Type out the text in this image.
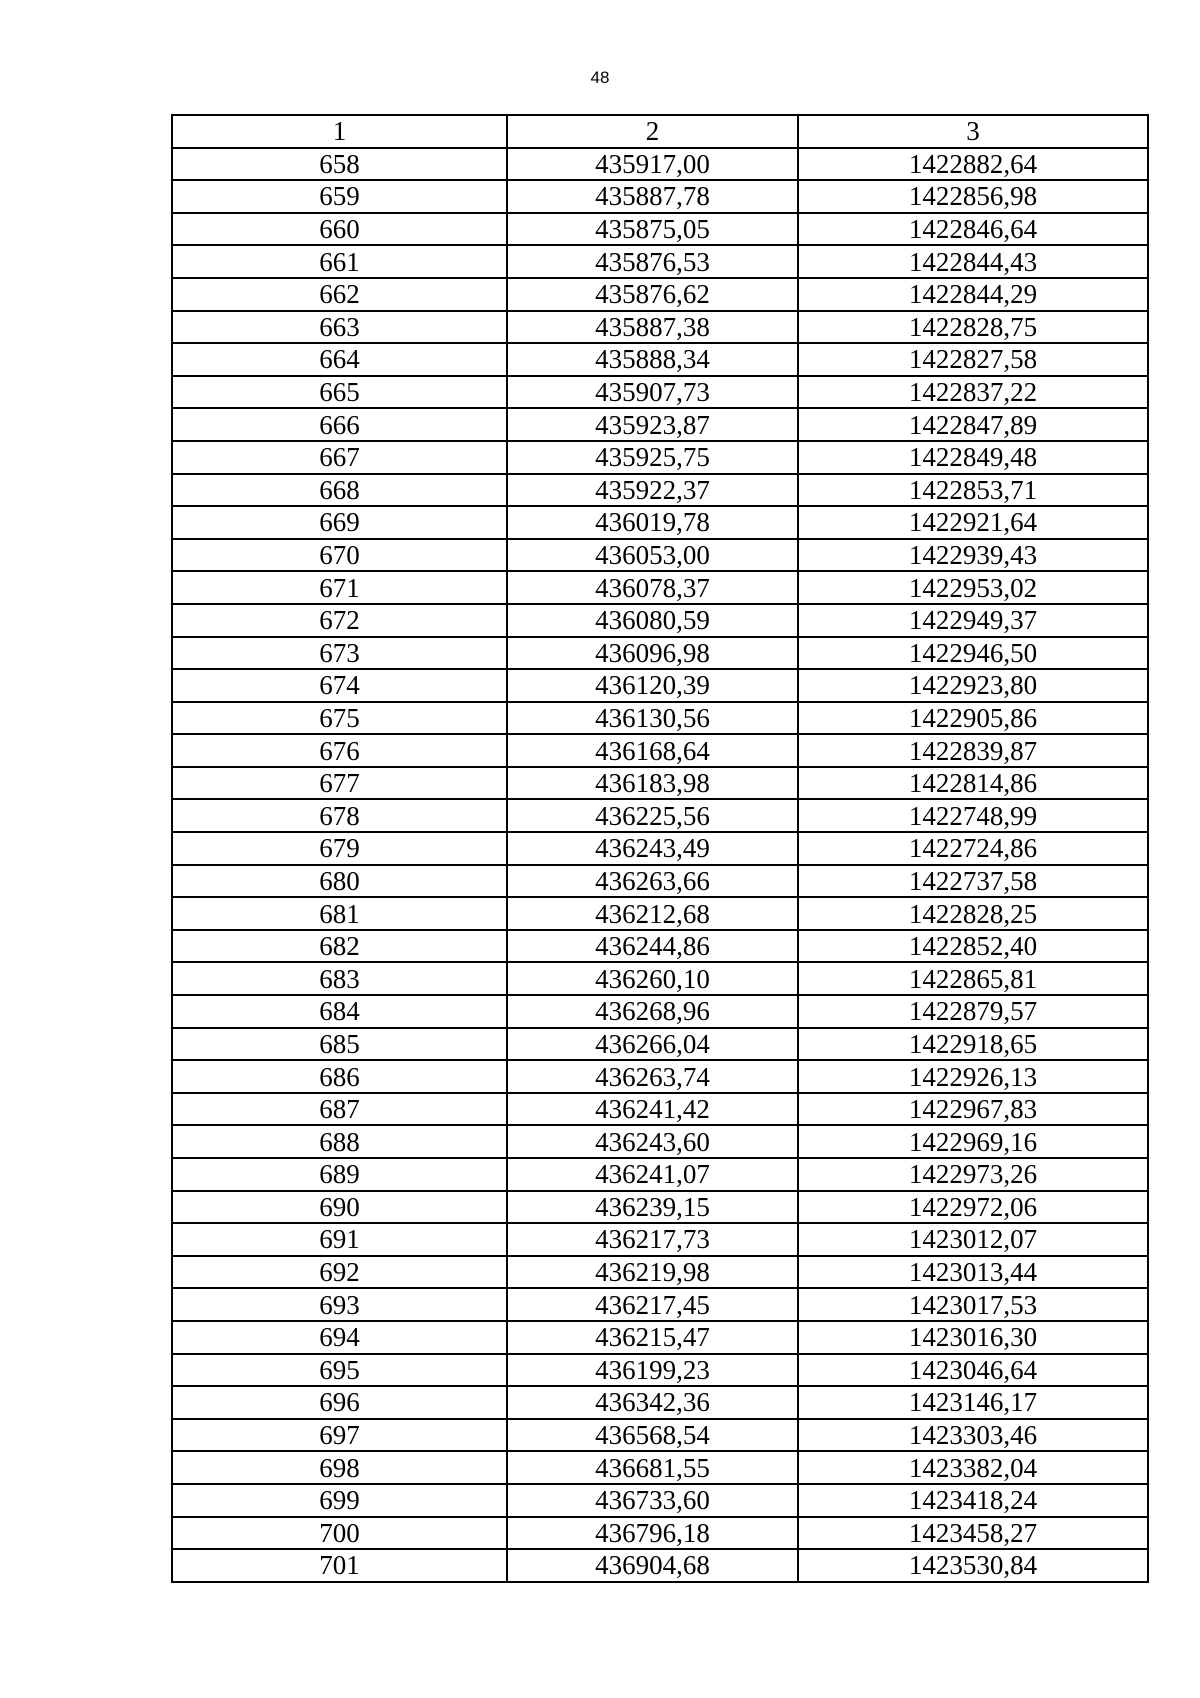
48
1	2	3
658	435917,00	1422882,64
659	435887,78	1422856,98
660	435875,05	1422846,64
661	435876,53	1422844,43
662	435876,62	1422844,29
663	435887,38	1422828,75
664	435888,34	1422827,58
665	435907,73	1422837,22
666	435923,87	1422847,89
667	435925,75	1422849,48
668	435922,37	1422853,71
669	436019,78	1422921,64
670	436053,00	1422939,43
671	436078,37	1422953,02
672	436080,59	1422949,37
673	436096,98	1422946,50
674	436120,39	1422923,80
675	436130,56	1422905,86
676	436168,64	1422839,87
677	436183,98	1422814,86
678	436225,56	1422748,99
679	436243,49	1422724,86
680	436263,66	1422737,58
681	436212,68	1422828,25
682	436244,86	1422852,40
683	436260,10	1422865,81
684	436268,96	1422879,57
685	436266,04	1422918,65
686	436263,74	1422926,13
687	436241,42	1422967,83
688	436243,60	1422969,16
689	436241,07	1422973,26
690	436239,15	1422972,06
691	436217,73	1423012,07
692	436219,98	1423013,44
693	436217,45	1423017,53
694	436215,47	1423016,30
695	436199,23	1423046,64
696	436342,36	1423146,17
697	436568,54	1423303,46
698	436681,55	1423382,04
699	436733,60	1423418,24
700	436796,18	1423458,27
701	436904,68	1423530,84
